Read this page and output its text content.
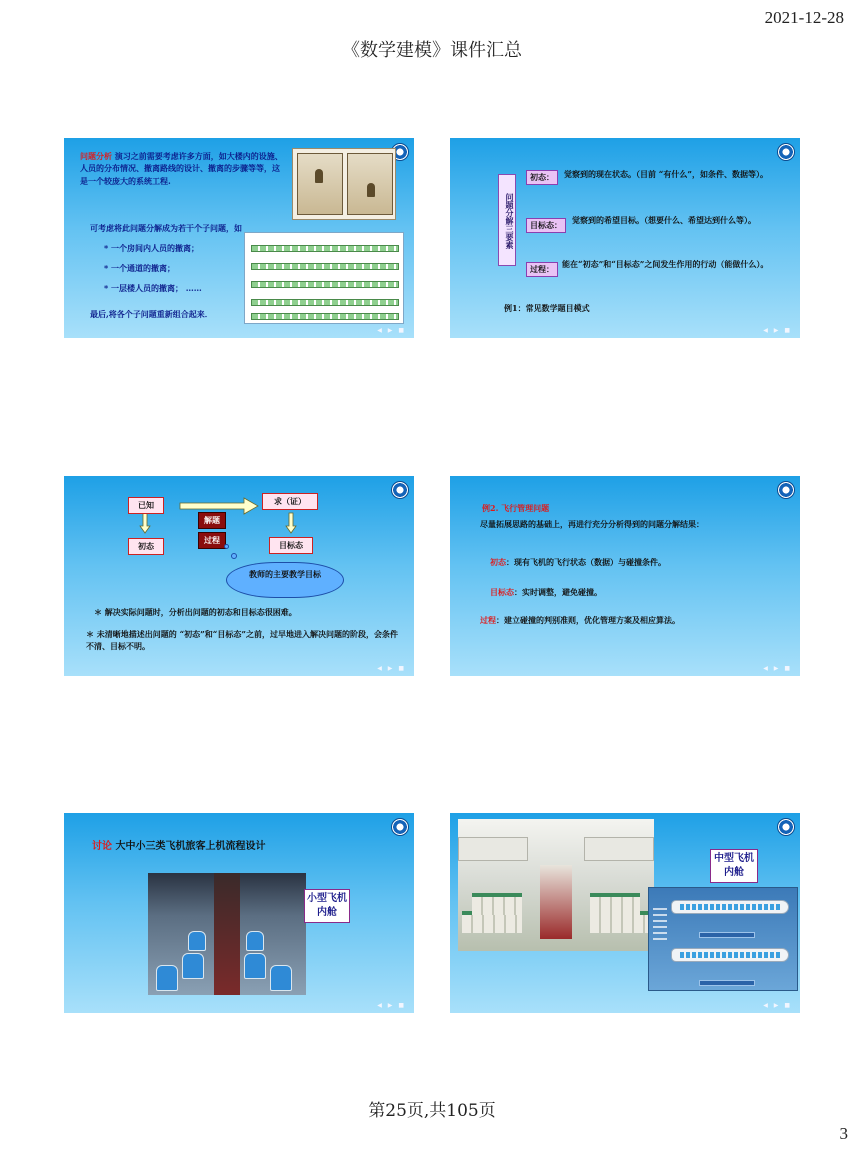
2021-12-28
《数学建模》课件汇总
问题分析 演习之前需要考虑许多方面，如大楼内的设施、人员的分布情况、撤离路线的设计、撤离的步骤等等，这是一个较庞大的系统工程.
可考虑将此问题分解成为若干个子问题，如
* 一个房间内人员的撤离；
* 一个通道的撤离；
* 一层楼人员的撤离； ……
最后,将各个子问题重新组合起来．
◀ ▶ ■
问题分解三要素
初态：	觉察到的现在状态。（目前 “有什么”，如条件、数据等）。
目标态：	觉察到的希望目标。（想要什么、希望达到什么等）。
过程：	能在“初态”和“目标态”之间发生作用的行动（能做什么）。
例1：常见数学题目模式
◀ ▶ ■
已知	求（证）
解题
过程
初态	目标态
教师的主要教学目标
＊ 解决实际问题时，分析出问题的初态和目标态很困难。
＊ 未清晰地描述出问题的 “初态”和“目标态”之前，过早地进入解决问题的阶段，会条件不清、目标不明。
◀ ▶ ■
例2. 飞行管理问题
尽量拓展思路的基础上，再进行充分分析得到的问题分解结果：
初态：现有飞机的飞行状态（数据）与碰撞条件。
目标态：实时调整，避免碰撞。
过程：建立碰撞的判别准则，优化管理方案及相应算法。
◀ ▶ ■
讨论 大中小三类飞机旅客上机流程设计
小型飞机内舱
◀ ▶ ■
中型飞机内舱
◀ ▶ ■
第25页,共105页
3
